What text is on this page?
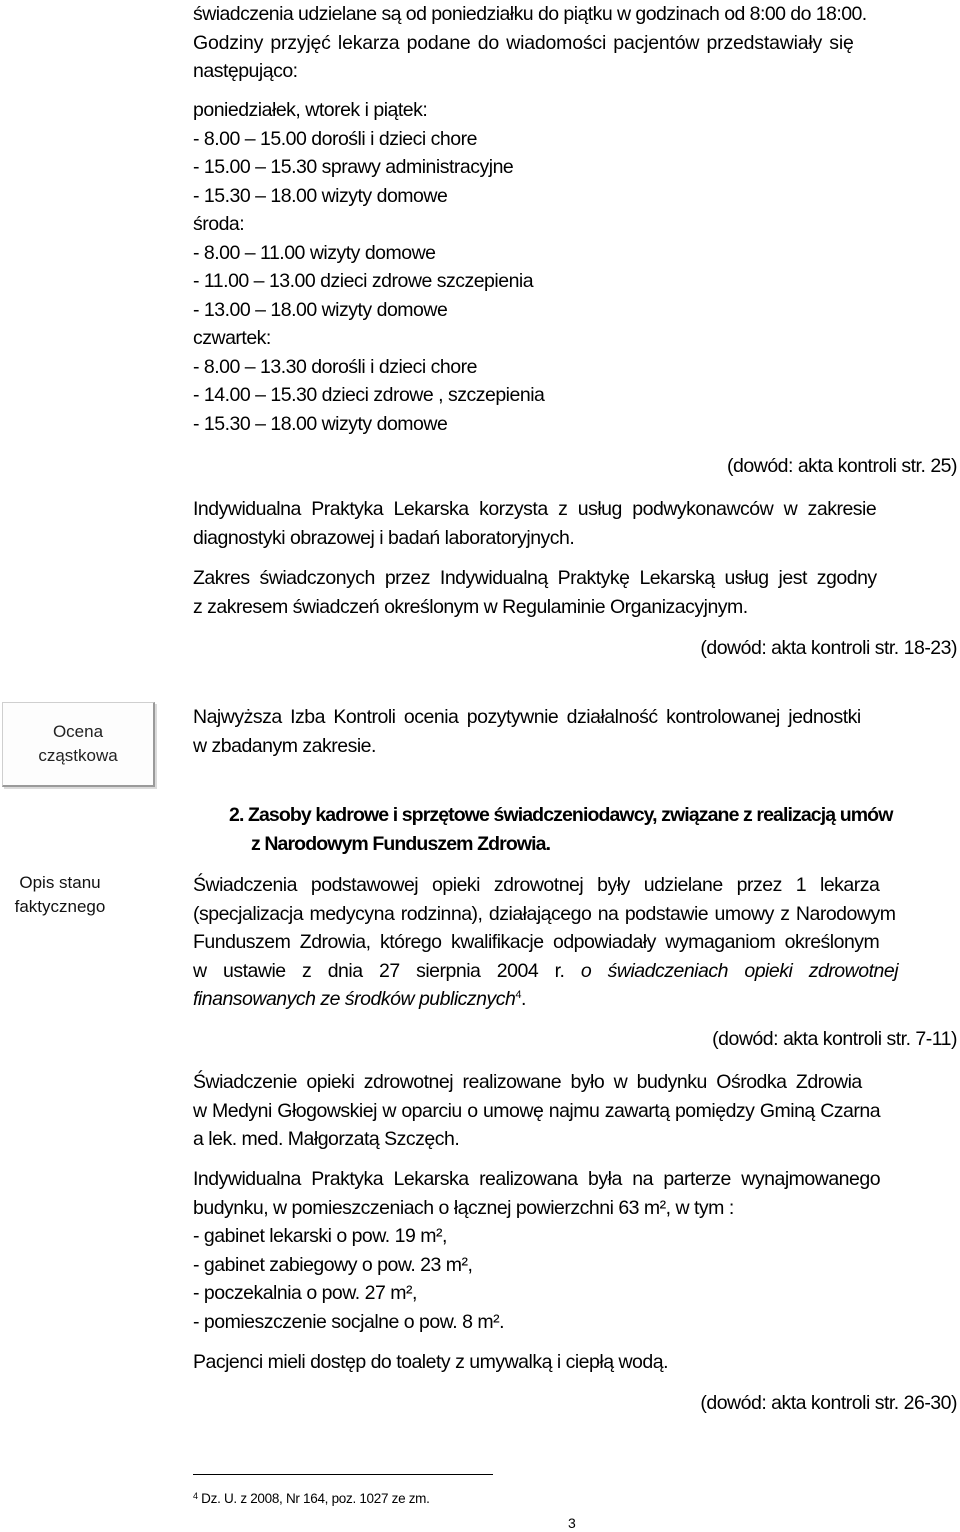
świadczenia udzielane są od poniedziałku do piątku w godzinach od 8:00 do 18:00.
Godziny przyjęć lekarza podane do wiadomości pacjentów przedstawiały się
następująco:
poniedziałek, wtorek i piątek:
- 8.00 – 15.00 dorośli i dzieci chore
- 15.00 – 15.30 sprawy administracyjne
- 15.30 – 18.00 wizyty domowe
środa:
- 8.00 – 11.00 wizyty domowe
- 11.00 – 13.00 dzieci zdrowe szczepienia
- 13.00 – 18.00 wizyty domowe
czwartek:
- 8.00 – 13.30 dorośli i dzieci chore
- 14.00 – 15.30 dzieci zdrowe , szczepienia
- 15.30 – 18.00 wizyty domowe
(dowód: akta kontroli str. 25)
Indywidualna Praktyka Lekarska korzysta z usług podwykonawców w zakresie
diagnostyki obrazowej i badań laboratoryjnych.
Zakres świadczonych przez Indywidualną Praktykę Lekarską usług jest zgodny
z zakresem świadczeń określonym w Regulaminie Organizacyjnym.
(dowód: akta kontroli str. 18-23)
Ocena
cząstkowa
Najwyższa Izba Kontroli ocenia pozytywnie działalność kontrolowanej jednostki
w zbadanym zakresie.
Opis stanu
faktycznego
2. Zasoby kadrowe i sprzętowe świadczeniodawcy, związane z realizacją umów
z Narodowym Funduszem Zdrowia.
Świadczenia podstawowej opieki zdrowotnej były udzielane przez 1 lekarza
(specjalizacja medycyna rodzinna), działającego na podstawie umowy z Narodowym
Funduszem Zdrowia, którego kwalifikacje odpowiadały wymaganiom określonym
w ustawie z dnia 27 sierpnia 2004 r. o świadczeniach opieki zdrowotnej
finansowanych ze środków publicznych$^4$.
(dowód: akta kontroli str. 7-11)
Świadczenie opieki zdrowotnej realizowane było w budynku Ośrodka Zdrowia
w Medyni Głogowskiej w oparciu o umowę najmu zawartą pomiędzy Gminą Czarna
a lek. med. Małgorzatą Szczęch.
Indywidualna Praktyka Lekarska realizowana była na parterze wynajmowanego
budynku, w pomieszczeniach o łącznej powierzchni 63 m², w tym :
- gabinet lekarski o pow. 19 m²,
- gabinet zabiegowy o pow. 23 m²,
- poczekalnia o pow. 27 m²,
- pomieszczenie socjalne o pow. 8 m².
Pacjenci mieli dostęp do toalety z umywalką i ciepłą wodą.
(dowód: akta kontroli str. 26-30)
$^4$ Dz. U. z 2008, Nr 164, poz. 1027 ze zm.
3
